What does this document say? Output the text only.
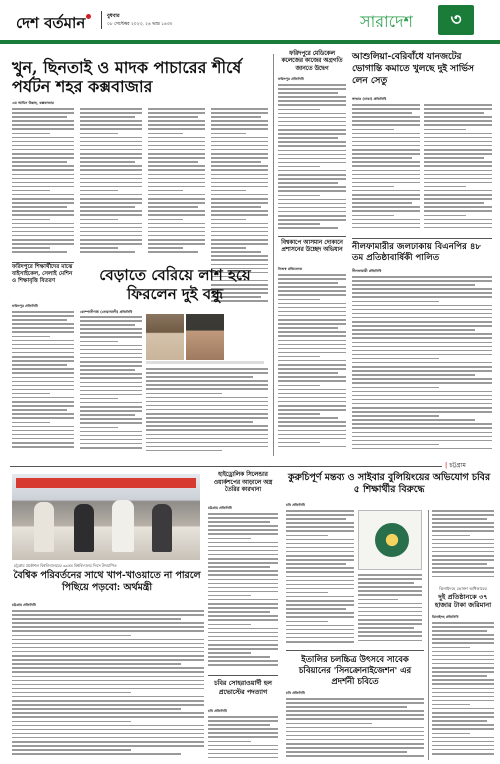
দেশ বর্তমান	বুধবার
০৮ সেপ্টেম্বর ২০২৩, ২৪ ভাদ্র ১৪৩০	সারাদেশ	৩
খুন, ছিনতাই ও মাদক পাচারের শীর্ষে পর্যটন শহর কক্সবাজার
এম আমিন উল্লাহ, কক্সবাজার
ফরিদপুরে শিক্ষার্থীদের মাঝে বাইসাইকেল, সেলাই মেশিন ও শিক্ষাবৃত্তি বিতরণ
ফরিদপুর প্রতিনিধি
বেড়াতে বেরিয়ে লাশ হয়ে ফিরলেন দুই বন্ধু
কোম্পানীগঞ্জ (নোয়াখালী) প্রতিনিধি
ফরিদপুরে মেডিকেল কলেজের কাজের অগ্রগতি জানতে উদ্বেগ
ফরিদপুর প্রতিনিধি
বিশ্বকাপে আসমান দোকানে প্রশাসনের উচ্ছেদ অভিযান
নিজস্ব প্রতিবেদক
আশুলিয়া-বেরিবাঁধে যানজটের ভোগান্তি কমাতে খুলছে দুই সার্ভিস লেন সেতু
সাভার (ঢাকা) প্রতিনিধি
নীলফামারীর জলঢাকায় বিএনপির ৪৮ তম প্রতিষ্ঠাবার্ষিকী পালিত
নীলফামারী প্রতিনিধি
| চট্টগ্রাম
চট্টগ্রাম প্রকৌশল বিশ্ববিদ্যালয়ের ৩৯তম বিশ্ববিদ্যালয় দিবস উদযাপিত
বৈশ্বিক পরিবর্তনের সাথে খাপ-খাওয়াতে না পারলে পিছিয়ে পড়বো: অর্থমন্ত্রী
চট্টগ্রাম প্রতিনিধি
হাইড্রোলিক সিলেন্ডার ওয়ার্কশপের আড়ালে অস্ত্র তৈরির কারখানা
চট্টগ্রাম প্রতিনিধি
চবির সোহরাওয়ার্দী হল প্রভোস্টের পদত্যাগ
চবি প্রতিনিধি
কুরুচিপূর্ণ মন্তব্য ও সাইবার বুলিয়িংয়ের অভিযোগ চবির ৫ শিক্ষার্থীর বিরুদ্ধে
চবি প্রতিনিধি
ঝিনাইদহে ভোক্তা অধিকারের
দুই প্রতিষ্ঠানকে ৩৭ হাজার টাকা জরিমানা
ঝিনাইদহ প্রতিনিধি
ইতালির চলচ্চিত্র উৎসবে সাবেক চবিয়ানের 'সিনক্রোনাইজেশন' এর প্রদর্শনী চবিতে
চবি প্রতিনিধি
